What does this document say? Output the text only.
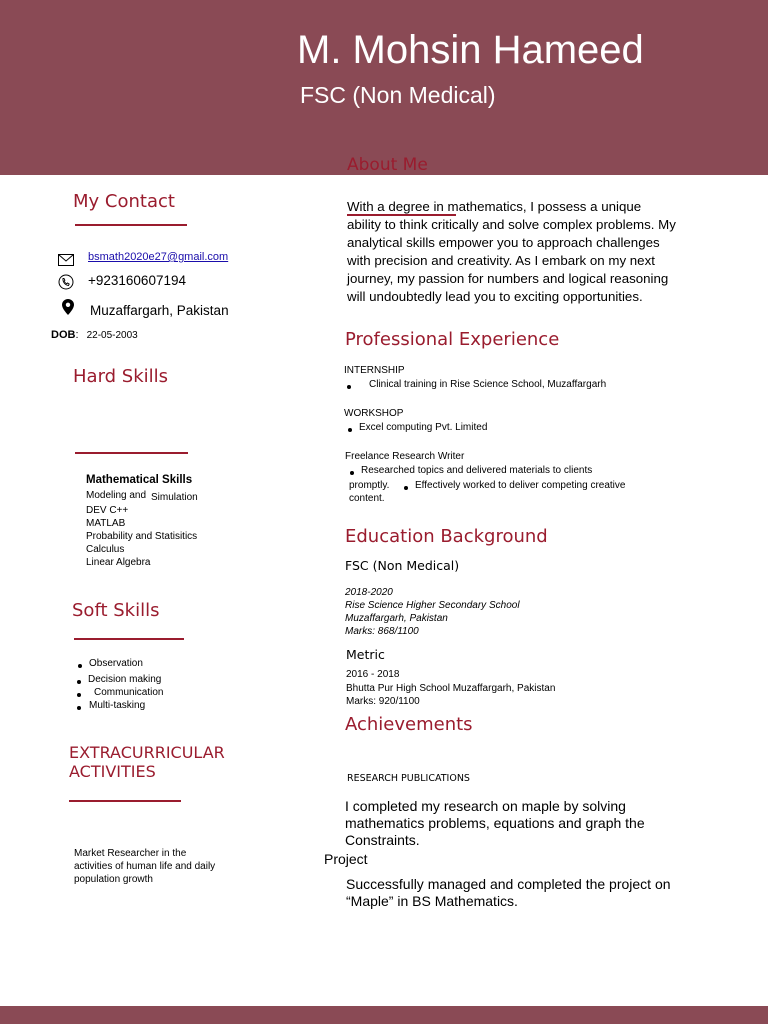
M. Mohsin Hameed
FSC (Non Medical)
My Contact
bsmath2020e27@gmail.com
+923160607194
Muzaffargarh, Pakistan
DOB: 22-05-2003
Hard Skills
Mathematical Skills
Modeling and Simulation
DEV C++
MATLAB
Probability and Statisitics
Calculus
Linear Algebra
Soft Skills
Observation
Decision making
Communication
Multi-tasking
EXTRACURRICULAR
ACTIVITIES
Market Researcher in the
activities of human life and daily
population growth
About Me
With a degree in mathematics, I possess a unique
ability to think critically and solve complex problems. My
analytical skills empower you to approach challenges
with precision and creativity. As I embark on my next
journey, my passion for numbers and logical reasoning
will undoubtedly lead you to exciting opportunities.
Professional Experience
INTERNSHIP
Clinical training in Rise Science School, Muzaffargarh
WORKSHOP
Excel computing Pvt. Limited
Freelance Research Writer
Researched topics and delivered materials to clients
promptly.	Effectively worked to deliver competing creative
content.
Education Background
FSC (Non Medical)
2018-2020
Rise Science Higher Secondary School
Muzaffargarh, Pakistan
Marks: 868/1100
Metric
2016 - 2018
Bhutta Pur High School Muzaffargarh, Pakistan
Marks: 920/1100
Achievements
RESEARCH PUBLICATIONS
I completed my research on maple by solving
mathematics problems, equations and graph the
Constraints.
Project
Successfully managed and completed the project on
“Maple” in BS Mathematics.
